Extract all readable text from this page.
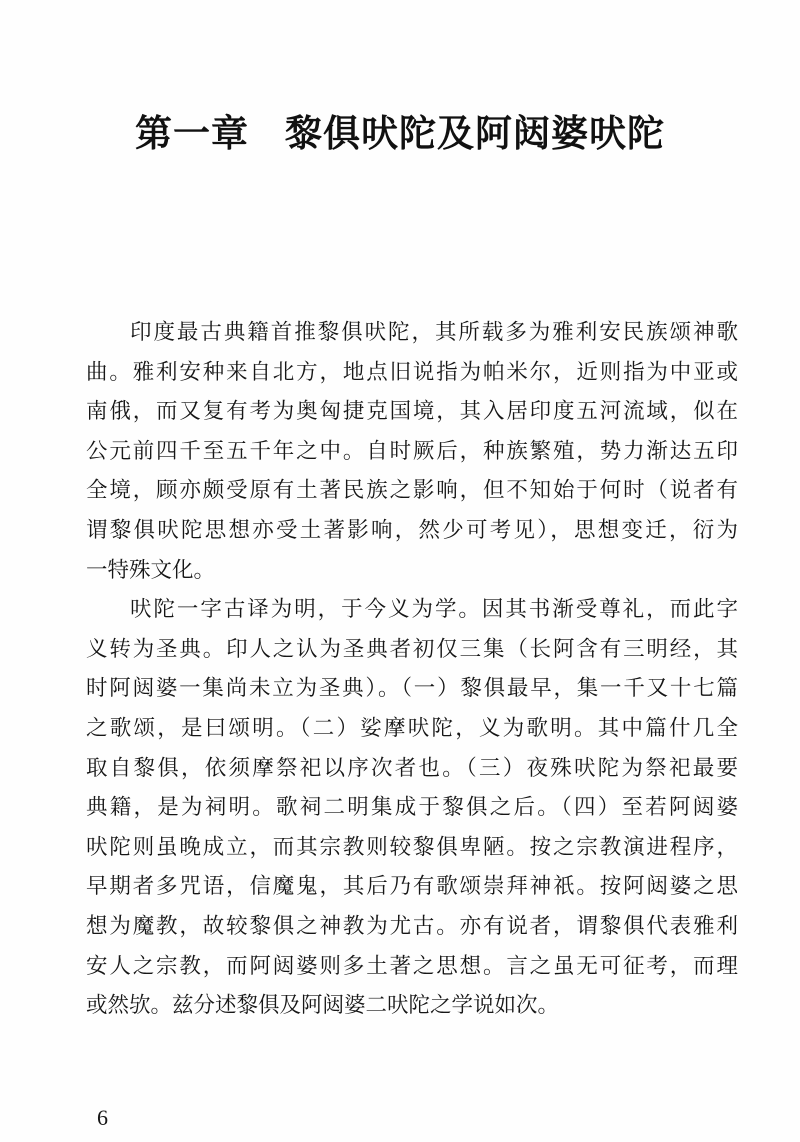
第一章 黎俱吠陀及阿闼婆吠陀
印度最古典籍首推黎俱吠陀，其所载多为雅利安民族颂神歌
曲。雅利安种来自北方，地点旧说指为帕米尔，近则指为中亚或
南俄，而又复有考为奥匈捷克国境，其入居印度五河流域，似在
公元前四千至五千年之中。自时厥后，种族繁殖，势力渐达五印
全境，顾亦颇受原有土著民族之影响，但不知始于何时（说者有
谓黎俱吠陀思想亦受土著影响，然少可考见），思想变迁，衍为
一特殊文化。
吠陀一字古译为明，于今义为学。因其书渐受尊礼，而此字
义转为圣典。印人之认为圣典者初仅三集（长阿含有三明经，其
时阿闼婆一集尚未立为圣典）。（一）黎俱最早，集一千又十七篇
之歌颂，是曰颂明。（二）娑摩吠陀，义为歌明。其中篇什几全
取自黎俱，依须摩祭祀以序次者也。（三）夜殊吠陀为祭祀最要
典籍，是为祠明。歌祠二明集成于黎俱之后。（四）至若阿闼婆
吠陀则虽晚成立，而其宗教则较黎俱卑陋。按之宗教演进程序，
早期者多咒语，信魔鬼，其后乃有歌颂崇拜神祇。按阿闼婆之思
想为魔教，故较黎俱之神教为尤古。亦有说者，谓黎俱代表雅利
安人之宗教，而阿闼婆则多土著之思想。言之虽无可征考，而理
或然欤。兹分述黎俱及阿闼婆二吠陀之学说如次。
6
